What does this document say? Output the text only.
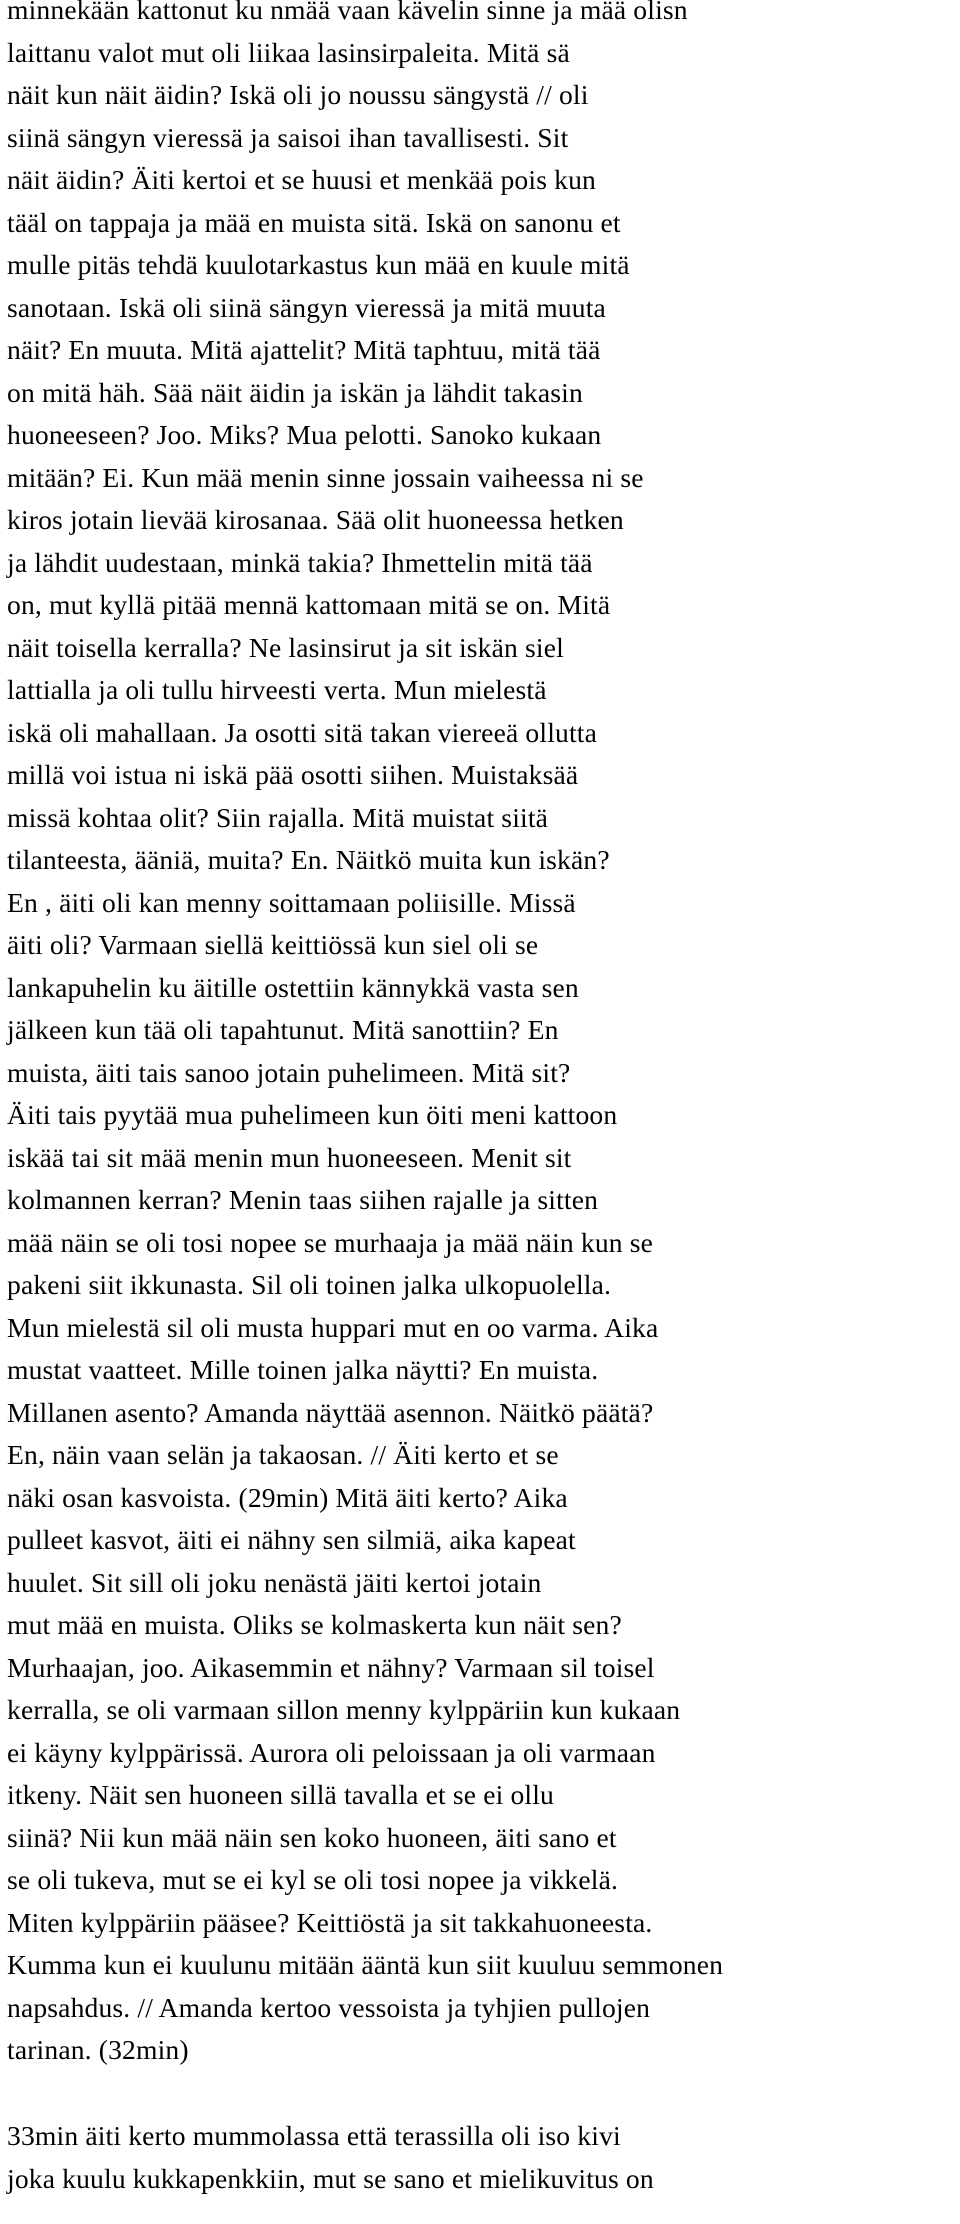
minnekään kattonut ku nmää vaan kävelin sinne ja mää olisn
laittanu valot mut oli liikaa lasinsirpaleita. Mitä sä
näit kun näit äidin? Iskä oli jo noussu sängystä // oli
siinä sängyn vieressä ja saisoi ihan tavallisesti. Sit
näit äidin? Äiti kertoi et se huusi et menkää pois kun
tääl on tappaja ja mää en muista sitä. Iskä on sanonu et
mulle pitäs tehdä kuulotarkastus kun mää en kuule mitä
sanotaan. Iskä oli siinä sängyn vieressä ja mitä muuta
näit? En muuta. Mitä ajattelit? Mitä taphtuu, mitä tää
on mitä häh. Sää näit äidin ja iskän ja lähdit takasin
huoneeseen? Joo. Miks? Mua pelotti. Sanoko kukaan
mitään? Ei. Kun mää menin sinne jossain vaiheessa ni se
kiros jotain lievää kirosanaa. Sää olit huoneessa hetken
ja lähdit uudestaan, minkä takia? Ihmettelin mitä tää
on, mut kyllä pitää mennä kattomaan mitä se on. Mitä
näit toisella kerralla? Ne lasinsirut ja sit iskän siel
lattialla ja oli tullu hirveesti verta. Mun mielestä
iskä oli mahallaan. Ja osotti sitä takan viereeä ollutta
millä voi istua ni iskä pää osotti siihen. Muistaksää
missä kohtaa olit? Siin rajalla. Mitä muistat siitä
tilanteesta, ääniä, muita? En. Näitkö muita kun iskän?
En , äiti oli kan menny soittamaan poliisille. Missä
äiti oli? Varmaan siellä keittiössä kun siel oli se
lankapuhelin ku äitille ostettiin kännykkä vasta sen
jälkeen kun tää oli tapahtunut. Mitä sanottiin? En
muista, äiti tais sanoo jotain puhelimeen. Mitä sit?
Äiti tais pyytää mua puhelimeen kun öiti meni kattoon
iskää tai sit mää menin mun huoneeseen. Menit sit
kolmannen kerran? Menin taas siihen rajalle ja sitten
mää näin se oli tosi nopee se murhaaja ja mää näin kun se
pakeni siit ikkunasta. Sil oli toinen jalka ulkopuolella.
Mun mielestä sil oli musta huppari mut en oo varma. Aika
mustat vaatteet. Mille toinen jalka näytti? En muista.
Millanen asento? Amanda näyttää asennon. Näitkö päätä?
En, näin vaan selän ja takaosan. // Äiti kerto et se
näki osan kasvoista. (29min) Mitä äiti kerto? Aika
pulleet kasvot, äiti ei nähny sen silmiä, aika kapeat
huulet. Sit sill oli joku nenästä jäiti kertoi jotain
mut mää en muista. Oliks se kolmaskerta kun näit sen?
Murhaajan, joo. Aikasemmin et nähny? Varmaan sil toisel
kerralla, se oli varmaan sillon menny kylppäriin kun kukaan
ei käyny kylppärissä. Aurora oli peloissaan ja oli varmaan
itkeny. Näit sen huoneen sillä tavalla et se ei ollu
siinä? Nii kun mää näin sen koko huoneen, äiti sano et
se oli tukeva, mut se ei kyl se oli tosi nopee ja vikkelä.
Miten kylppäriin pääsee? Keittiöstä ja sit takkahuoneesta.
Kumma kun ei kuulunu mitään ääntä kun siit kuuluu semmonen
napsahdus. // Amanda kertoo vessoista ja tyhjien pullojen
tarinan. (32min)
33min äiti kerto mummolassa että terassilla oli iso kivi
joka kuulu kukkapenkkiin, mut se sano et mielikuvitus on
